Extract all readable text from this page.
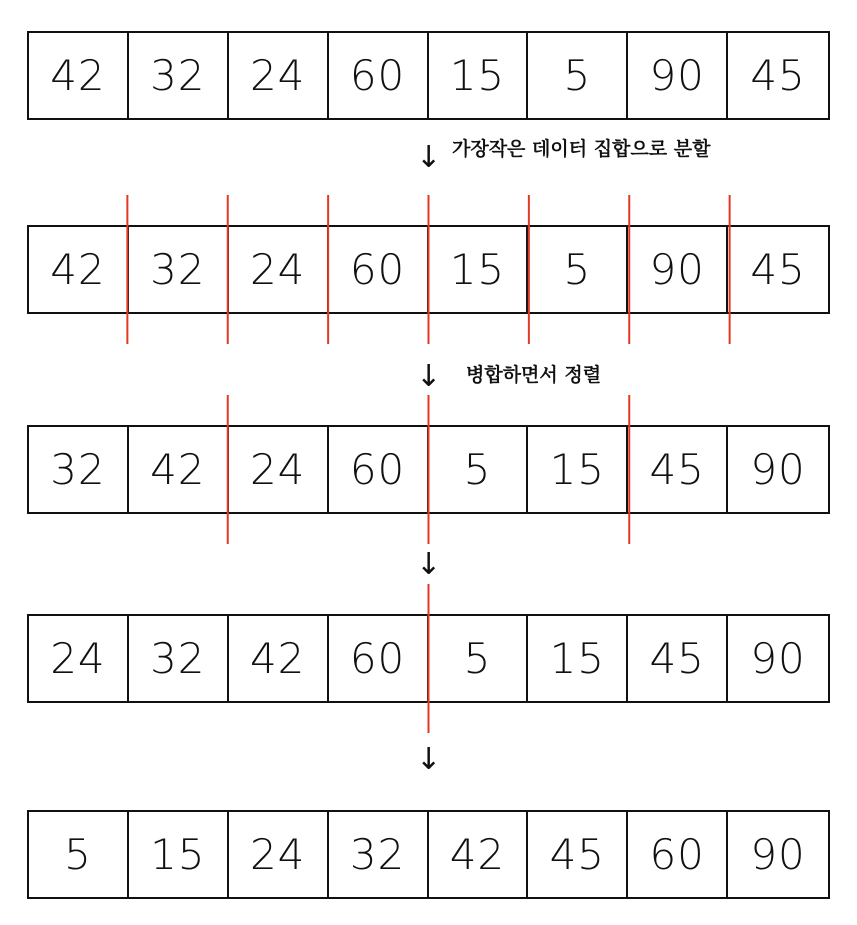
42	32	24	60	15	5	90	45
↓ 가장작은 데이터 집합으로 분할
42	32	24	60	15	5	90	45
↓ 병합하면서 정렬
32	42	24	60	5	15	45	90
↓
24	32	42	60	5	15	45	90
↓
5	15	24	32	42	45	60	90
